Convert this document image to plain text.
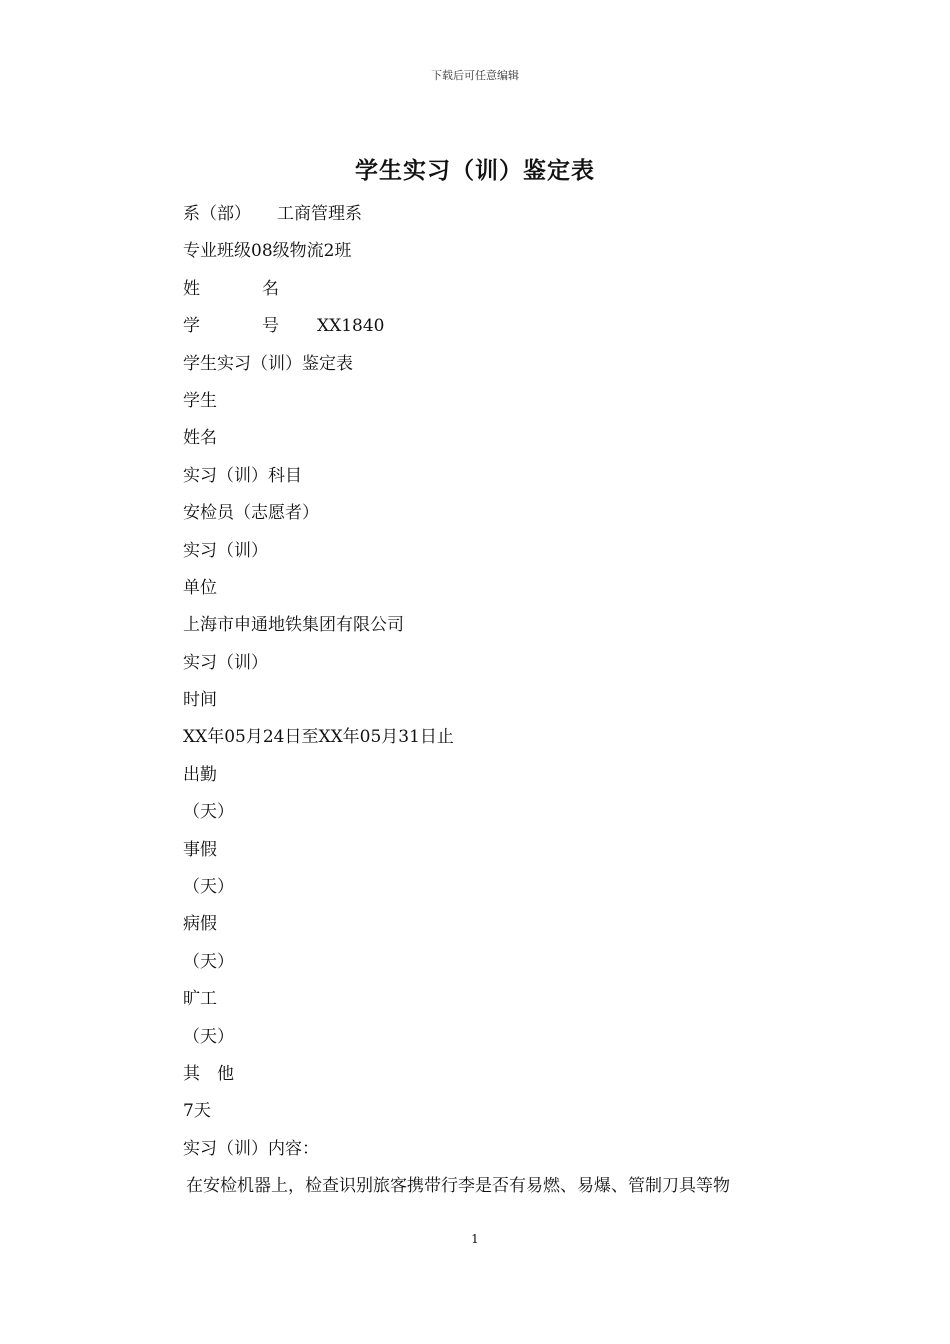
下载后可任意编辑
学生实习（训）鉴定表
系（部） 工商管理系
专业班级08级物流2班
姓	名
学	号 XX1840
学生实习（训）鉴定表
学生
姓名
实习（训）科目
安检员（志愿者）
实习（训）
单位
上海市申通地铁集团有限公司
实习（训）
时间
XX年05月24日至XX年05月31日止
出勤
（天）
事假
（天）
病假
（天）
旷工
（天）
其　他
7天
实习（训）内容：
在安检机器上，检查识别旅客携带行李是否有易燃、易爆、管制刀具等物
1
